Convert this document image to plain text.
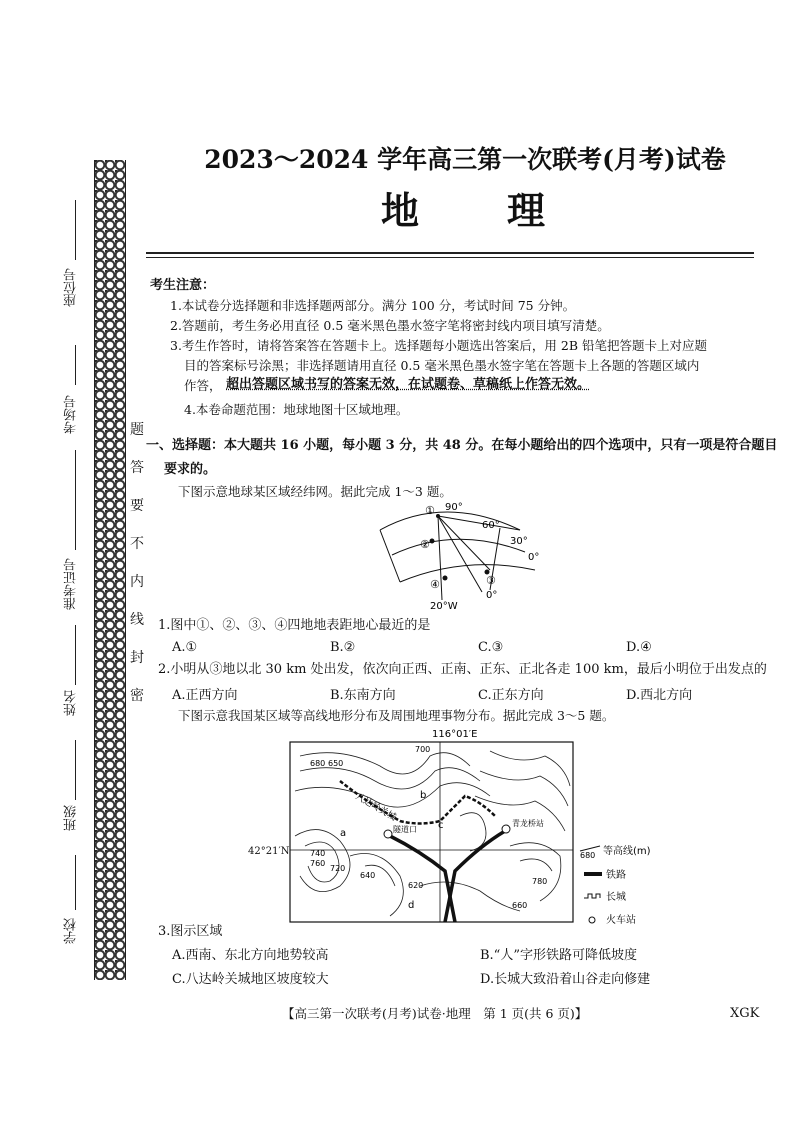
题
答
要
不
内
线
封
密
座位号
考场号
准考证号
姓名
班级
学校
2023～2024 学年高三第一次联考(月考)试卷
地　　理
考生注意：
1.本试卷分选择题和非选择题两部分。满分 100 分，考试时间 75 分钟。
2.答题前，考生务必用直径 0.5 毫米黑色墨水签字笔将密封线内项目填写清楚。
3.考生作答时，请将答案答在答题卡上。选择题每小题选出答案后，用 2B 铅笔把答题卡上对应题
目的答案标号涂黑；非选择题请用直径 0.5 毫米黑色墨水签字笔在答题卡上各题的答题区域内
作答， 超出答题区域书写的答案无效，在试题卷、草稿纸上作答无效。
4.本卷命题范围：地球地图十区域地理。
一、选择题：本大题共 16 小题，每小题 3 分，共 48 分。在每小题给出的四个选项中，只有一项是符合题目
要求的。
下图示意地球某区域经纬网。据此完成 1～3 题。
① 90°
60°
30°
0°
②
④	③
0°
20°W
1.图中①、②、③、④四地地表距地心最近的是
A.①	B.②	C.③	D.④
2.小明从③地以北 30 km 处出发，依次向正西、正南、正东、正北各走 100 km，最后小明位于出发点的
A.正西方向	B.东南方向	C.正东方向	D.西北方向
下图示意我国某区域等高线地形分布及周围地理事物分布。据此完成 3～5 题。
116°01′E
八达岭关城
隧道口
青龙桥站
a
b
c
d
700
680 650
620
640
660
740
760
720
780
680 等高线(m)
铁路
长城
火车站
42°21′N
3.图示区域
A.西南、东北方向地势较高	B.“人”字形铁路可降低坡度
C.八达岭关城地区坡度较大	D.长城大致沿着山谷走向修建
【高三第一次联考(月考)试卷·地理　第 1 页(共 6 页)】	XGK
